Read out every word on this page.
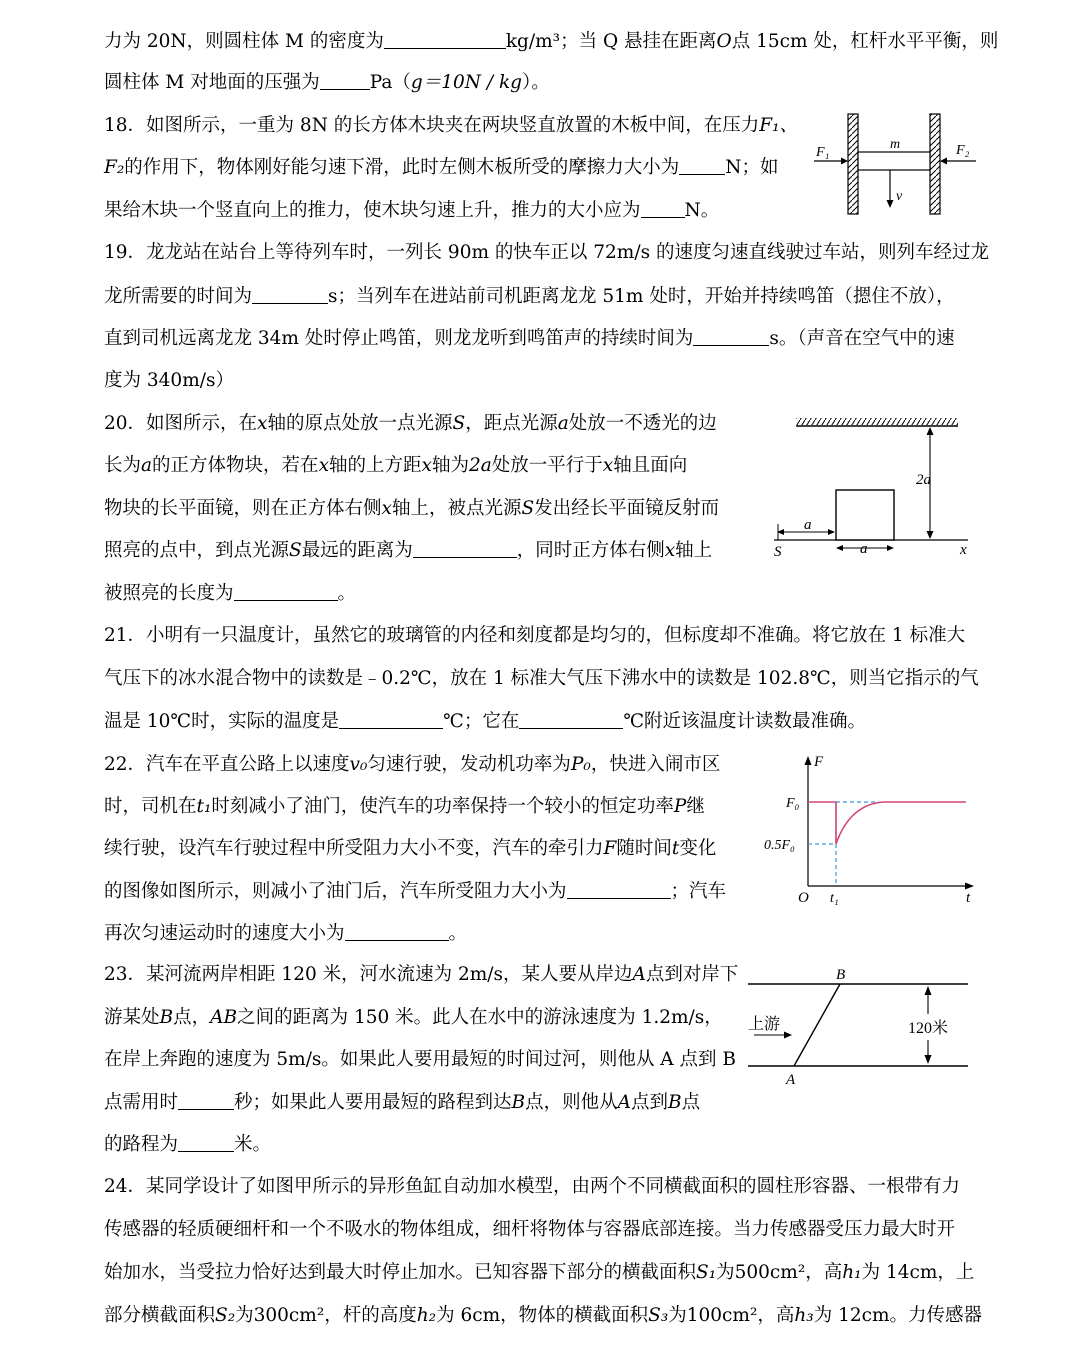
力为 20N，则圆柱体 M 的密度为	kg/m³；当 Q 悬挂在距离O点 15cm 处，杠杆水平平衡，则
圆柱体 M 对地面的压强为	Pa（g＝10N / kg）。
18．如图所示，一重为 8N 的长方体木块夹在两块竖直放置的木板中间，在压力F₁、
F₂的作用下，物体刚好能匀速下滑，此时左侧木板所受的摩擦力大小为 N；如
果给木块一个竖直向上的推力，使木块匀速上升，推力的大小应为 N。
F₁	F₂
m
v
19．龙龙站在站台上等待列车时，一列长 90m 的快车正以 72m/s 的速度匀速直线驶过车站，则列车经过龙
龙所需要的时间为	s；当列车在进站前司机距离龙龙 51m 处时，开始并持续鸣笛（摁住不放），
直到司机远离龙龙 34m 处时停止鸣笛，则龙龙听到鸣笛声的持续时间为	s。（声音在空气中的速
度为 340m/s）
20．如图所示，在x轴的原点处放一点光源S，距点光源a处放一不透光的边
长为a的正方体物块，若在x轴的上方距x轴为2a处放一平行于x轴且面向
物块的长平面镜，则在正方体右侧x轴上，被点光源S发出经长平面镜反射而
照亮的点中，到点光源S最远的距离为	，同时正方体右侧x轴上
被照亮的长度为	。
2a
a
a
S	x
21．小明有一只温度计，虽然它的玻璃管的内径和刻度都是均匀的，但标度却不准确。将它放在 1 标准大
气压下的冰水混合物中的读数是﹣0.2℃，放在 1 标准大气压下沸水中的读数是 102.8℃，则当它指示的气
温是 10℃时，实际的温度是	℃；它在	℃附近该温度计读数最准确。
22．汽车在平直公路上以速度v₀匀速行驶，发动机功率为P₀，快进入闹市区
时，司机在t₁时刻减小了油门，使汽车的功率保持一个较小的恒定功率P继
续行驶，设汽车行驶过程中所受阻力大小不变，汽车的牵引力F随时间t变化
的图像如图所示，则减小了油门后，汽车所受阻力大小为	；汽车
再次匀速运动时的速度大小为	。
F
F₀
0.5F₀
O t₁	t
23．某河流两岸相距 120 米，河水流速为 2m/s，某人要从岸边A点到对岸下
游某处B点，AB之间的距离为 150 米。此人在水中的游泳速度为 1.2m/s，
在岸上奔跑的速度为 5m/s。如果此人要用最短的时间过河，则他从 A 点到 B
点需用时	秒；如果此人要用最短的路程到达B点，则他从A点到B点
的路程为	米。
B
A
上游	120米
24．某同学设计了如图甲所示的异形鱼缸自动加水模型，由两个不同横截面积的圆柱形容器、一根带有力
传感器的轻质硬细杆和一个不吸水的物体组成，细杆将物体与容器底部连接。当力传感器受压力最大时开
始加水，当受拉力恰好达到最大时停止加水。已知容器下部分的横截面积S₁为500cm²，高h₁为 14cm，上
部分横截面积S₂为300cm²，杆的高度h₂为 6cm，物体的横截面积S₃为100cm²，高h₃为 12cm。力传感器
